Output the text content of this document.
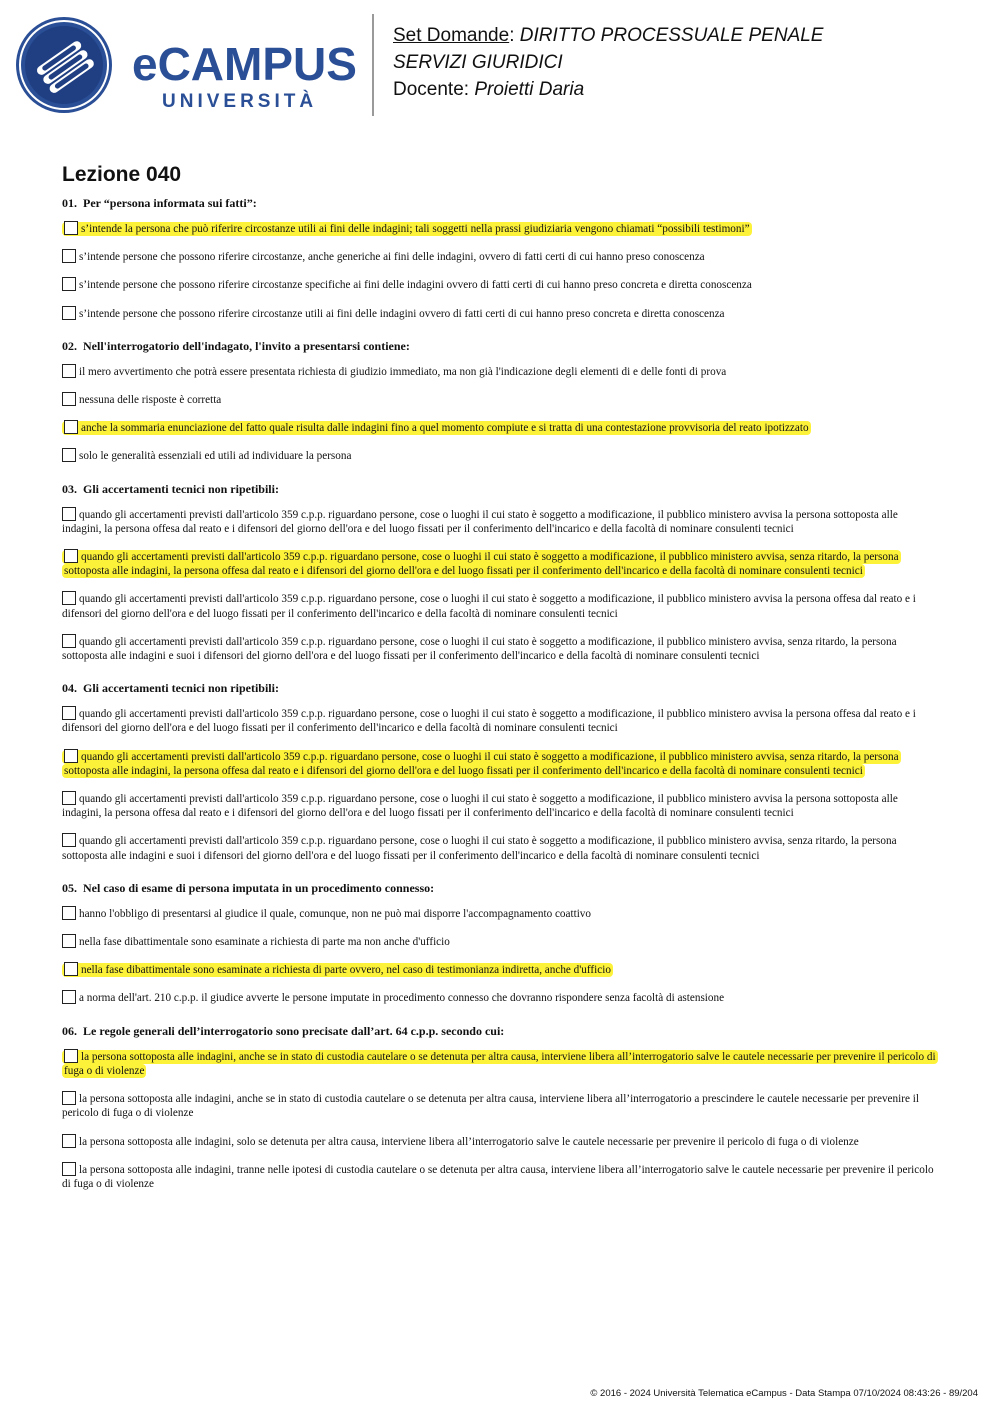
eCAMPUS
UNIVERSITÀ
Set Domande: DIRITTO PROCESSUALE PENALE
SERVIZI GIURIDICI
Docente: Proietti Daria
Lezione 040
01. Per “persona informata sui fatti”:
s’intende la persona che può riferire circostanze utili ai fini delle indagini; tali soggetti nella prassi giudiziaria vengono chiamati “possibili testimoni”
s’intende persone che possono riferire circostanze, anche generiche ai fini delle indagini, ovvero di fatti certi di cui hanno preso conoscenza
s’intende persone che possono riferire circostanze specifiche ai fini delle indagini ovvero di fatti certi di cui hanno preso concreta e diretta conoscenza
s’intende persone che possono riferire circostanze utili ai fini delle indagini ovvero di fatti certi di cui hanno preso concreta e diretta conoscenza
02. Nell'interrogatorio dell'indagato, l'invito a presentarsi contiene:
il mero avvertimento che potrà essere presentata richiesta di giudizio immediato, ma non già l'indicazione degli elementi di e delle fonti di prova
nessuna delle risposte è corretta
anche la sommaria enunciazione del fatto quale risulta dalle indagini fino a quel momento compiute e si tratta di una contestazione provvisoria del reato ipotizzato
solo le generalità essenziali ed utili ad individuare la persona
03. Gli accertamenti tecnici non ripetibili:
quando gli accertamenti previsti dall'articolo 359 c.p.p. riguardano persone, cose o luoghi il cui stato è soggetto a modificazione, il pubblico ministero avvisa la persona sottoposta alle indagini, la persona offesa dal reato e i difensori del giorno dell'ora e del luogo fissati per il conferimento dell'incarico e della facoltà di nominare consulenti tecnici
quando gli accertamenti previsti dall'articolo 359 c.p.p. riguardano persone, cose o luoghi il cui stato è soggetto a modificazione, il pubblico ministero avvisa, senza ritardo, la persona sottoposta alle indagini, la persona offesa dal reato e i difensori del giorno dell'ora e del luogo fissati per il conferimento dell'incarico e della facoltà di nominare consulenti tecnici
quando gli accertamenti previsti dall'articolo 359 c.p.p. riguardano persone, cose o luoghi il cui stato è soggetto a modificazione, il pubblico ministero avvisa la persona offesa dal reato e i difensori del giorno dell'ora e del luogo fissati per il conferimento dell'incarico e della facoltà di nominare consulenti tecnici
quando gli accertamenti previsti dall'articolo 359 c.p.p. riguardano persone, cose o luoghi il cui stato è soggetto a modificazione, il pubblico ministero avvisa, senza ritardo, la persona sottoposta alle indagini e suoi i difensori del giorno dell'ora e del luogo fissati per il conferimento dell'incarico e della facoltà di nominare consulenti tecnici
04. Gli accertamenti tecnici non ripetibili:
quando gli accertamenti previsti dall'articolo 359 c.p.p. riguardano persone, cose o luoghi il cui stato è soggetto a modificazione, il pubblico ministero avvisa la persona offesa dal reato e i difensori del giorno dell'ora e del luogo fissati per il conferimento dell'incarico e della facoltà di nominare consulenti tecnici
quando gli accertamenti previsti dall'articolo 359 c.p.p. riguardano persone, cose o luoghi il cui stato è soggetto a modificazione, il pubblico ministero avvisa, senza ritardo, la persona sottoposta alle indagini, la persona offesa dal reato e i difensori del giorno dell'ora e del luogo fissati per il conferimento dell'incarico e della facoltà di nominare consulenti tecnici
quando gli accertamenti previsti dall'articolo 359 c.p.p. riguardano persone, cose o luoghi il cui stato è soggetto a modificazione, il pubblico ministero avvisa la persona sottoposta alle indagini, la persona offesa dal reato e i difensori del giorno dell'ora e del luogo fissati per il conferimento dell'incarico e della facoltà di nominare consulenti tecnici
quando gli accertamenti previsti dall'articolo 359 c.p.p. riguardano persone, cose o luoghi il cui stato è soggetto a modificazione, il pubblico ministero avvisa, senza ritardo, la persona sottoposta alle indagini e suoi i difensori del giorno dell'ora e del luogo fissati per il conferimento dell'incarico e della facoltà di nominare consulenti tecnici
05. Nel caso di esame di persona imputata in un procedimento connesso:
hanno l'obbligo di presentarsi al giudice il quale, comunque, non ne può mai disporre l'accompagnamento coattivo
nella fase dibattimentale sono esaminate a richiesta di parte ma non anche d'ufficio
nella fase dibattimentale sono esaminate a richiesta di parte ovvero, nel caso di testimonianza indiretta, anche d'ufficio
a norma dell'art. 210 c.p.p. il giudice avverte le persone imputate in procedimento connesso che dovranno rispondere senza facoltà di astensione
06. Le regole generali dell’interrogatorio sono precisate dall’art. 64 c.p.p. secondo cui:
la persona sottoposta alle indagini, anche se in stato di custodia cautelare o se detenuta per altra causa, interviene libera all’interrogatorio salve le cautele necessarie per prevenire il pericolo di fuga o di violenze
la persona sottoposta alle indagini, anche se in stato di custodia cautelare o se detenuta per altra causa, interviene libera all’interrogatorio a prescindere le cautele necessarie per prevenire il pericolo di fuga o di violenze
la persona sottoposta alle indagini, solo se detenuta per altra causa, interviene libera all’interrogatorio salve le cautele necessarie per prevenire il pericolo di fuga o di violenze
la persona sottoposta alle indagini, tranne nelle ipotesi di custodia cautelare o se detenuta per altra causa, interviene libera all’interrogatorio salve le cautele necessarie per prevenire il pericolo di fuga o di violenze
© 2016 - 2024 Università Telematica eCampus - Data Stampa 07/10/2024 08:43:26 - 89/204
